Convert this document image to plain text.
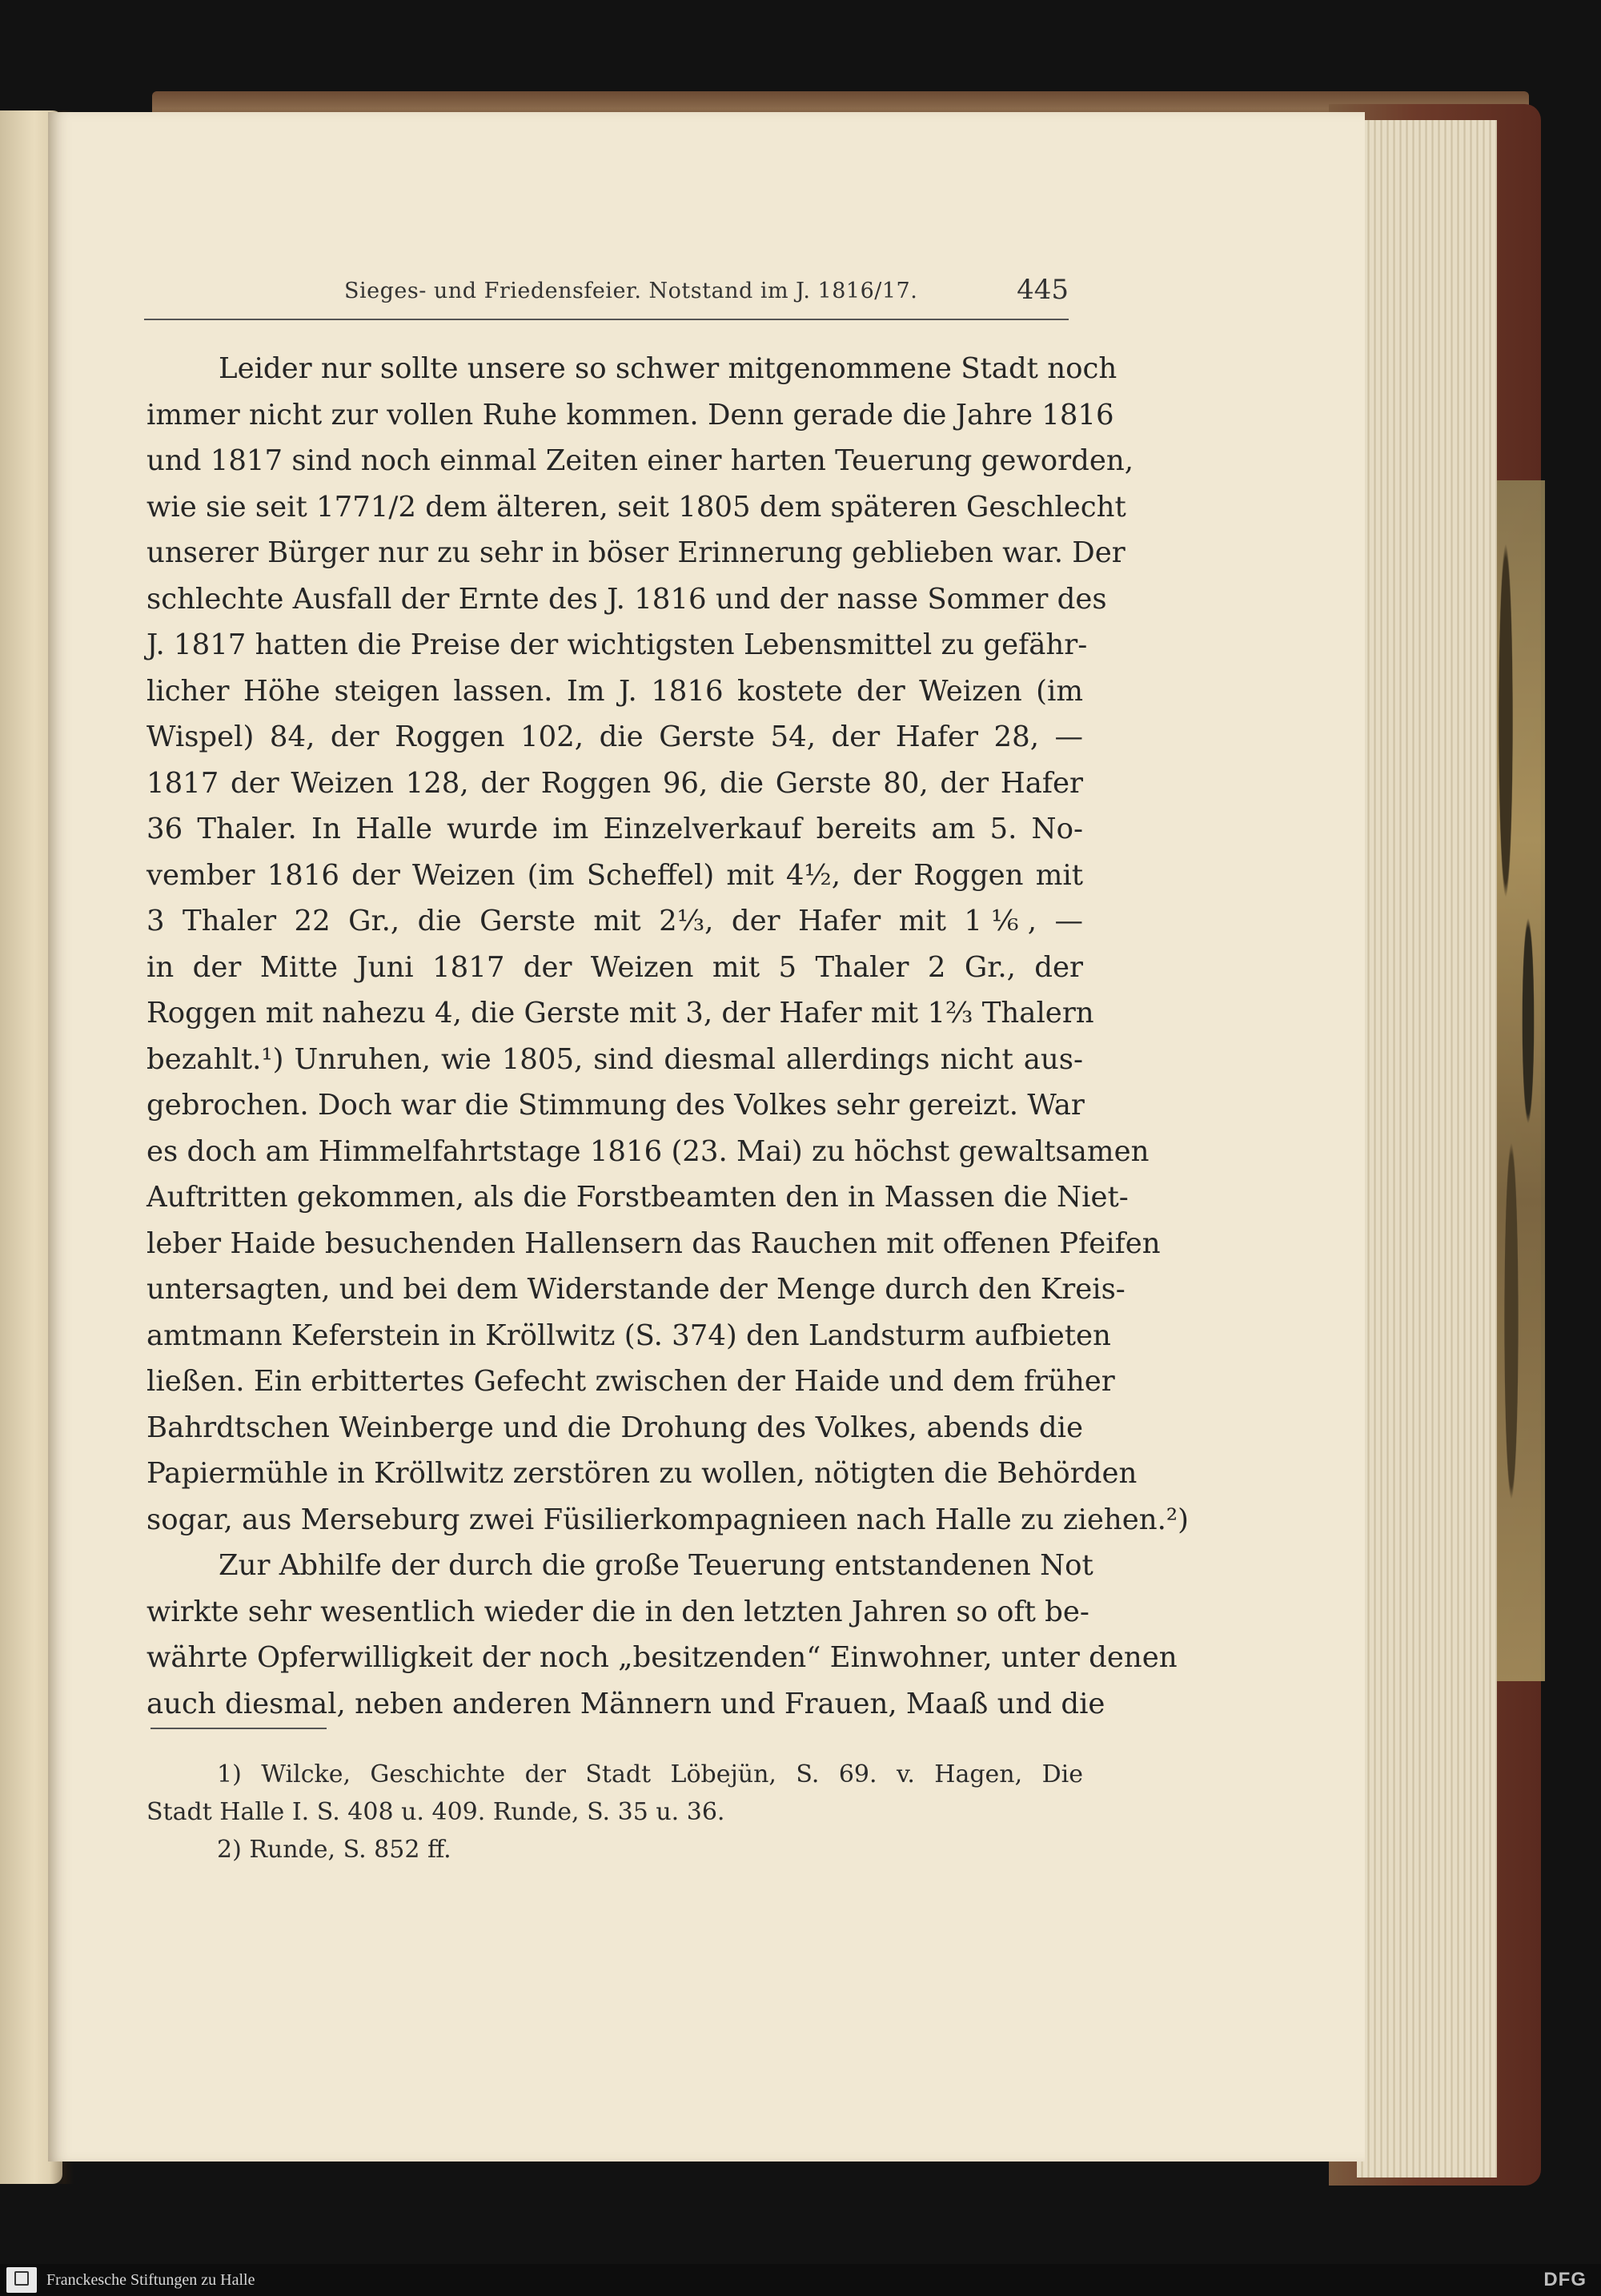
Sieges- und Friedensfeier. Notstand im J. 1816/17.	445
Leider nur sollte unsere so schwer mitgenommene Stadt noch
immer nicht zur vollen Ruhe kommen. Denn gerade die Jahre 1816
und 1817 sind noch einmal Zeiten einer harten Teuerung geworden,
wie sie seit 1771/2 dem älteren, seit 1805 dem späteren Geschlecht
unserer Bürger nur zu sehr in böser Erinnerung geblieben war. Der
schlechte Ausfall der Ernte des J. 1816 und der nasse Sommer des
J. 1817 hatten die Preise der wichtigsten Lebensmittel zu gefähr-
licher Höhe steigen lassen. Im J. 1816 kostete der Weizen (im
Wispel) 84, der Roggen 102, die Gerste 54, der Hafer 28, —
1817 der Weizen 128, der Roggen 96, die Gerste 80, der Hafer
36 Thaler. In Halle wurde im Einzelverkauf bereits am 5. No-
vember 1816 der Weizen (im Scheffel) mit 4½, der Roggen mit
3 Thaler 22 Gr., die Gerste mit 2⅓, der Hafer mit 1⅙, —
in der Mitte Juni 1817 der Weizen mit 5 Thaler 2 Gr., der
Roggen mit nahezu 4, die Gerste mit 3, der Hafer mit 1⅔ Thalern
bezahlt.¹) Unruhen, wie 1805, sind diesmal allerdings nicht aus-
gebrochen. Doch war die Stimmung des Volkes sehr gereizt. War
es doch am Himmelfahrtstage 1816 (23. Mai) zu höchst gewaltsamen
Auftritten gekommen, als die Forstbeamten den in Massen die Niet-
leber Haide besuchenden Hallensern das Rauchen mit offenen Pfeifen
untersagten, und bei dem Widerstande der Menge durch den Kreis-
amtmann Keferstein in Kröllwitz (S. 374) den Landsturm aufbieten
ließen. Ein erbittertes Gefecht zwischen der Haide und dem früher
Bahrdtschen Weinberge und die Drohung des Volkes, abends die
Papiermühle in Kröllwitz zerstören zu wollen, nötigten die Behörden
sogar, aus Merseburg zwei Füsilierkompagnieen nach Halle zu ziehen.²)
Zur Abhilfe der durch die große Teuerung entstandenen Not
wirkte sehr wesentlich wieder die in den letzten Jahren so oft be-
währte Opferwilligkeit der noch „besitzenden“ Einwohner, unter denen
auch diesmal, neben anderen Männern und Frauen, Maaß und die
1) Wilcke, Geschichte der Stadt Löbejün, S. 69. v. Hagen, Die
Stadt Halle I. S. 408 u. 409. Runde, S. 35 u. 36.
2) Runde, S. 852 ff.
Franckesche Stiftungen zu Halle	DFG
